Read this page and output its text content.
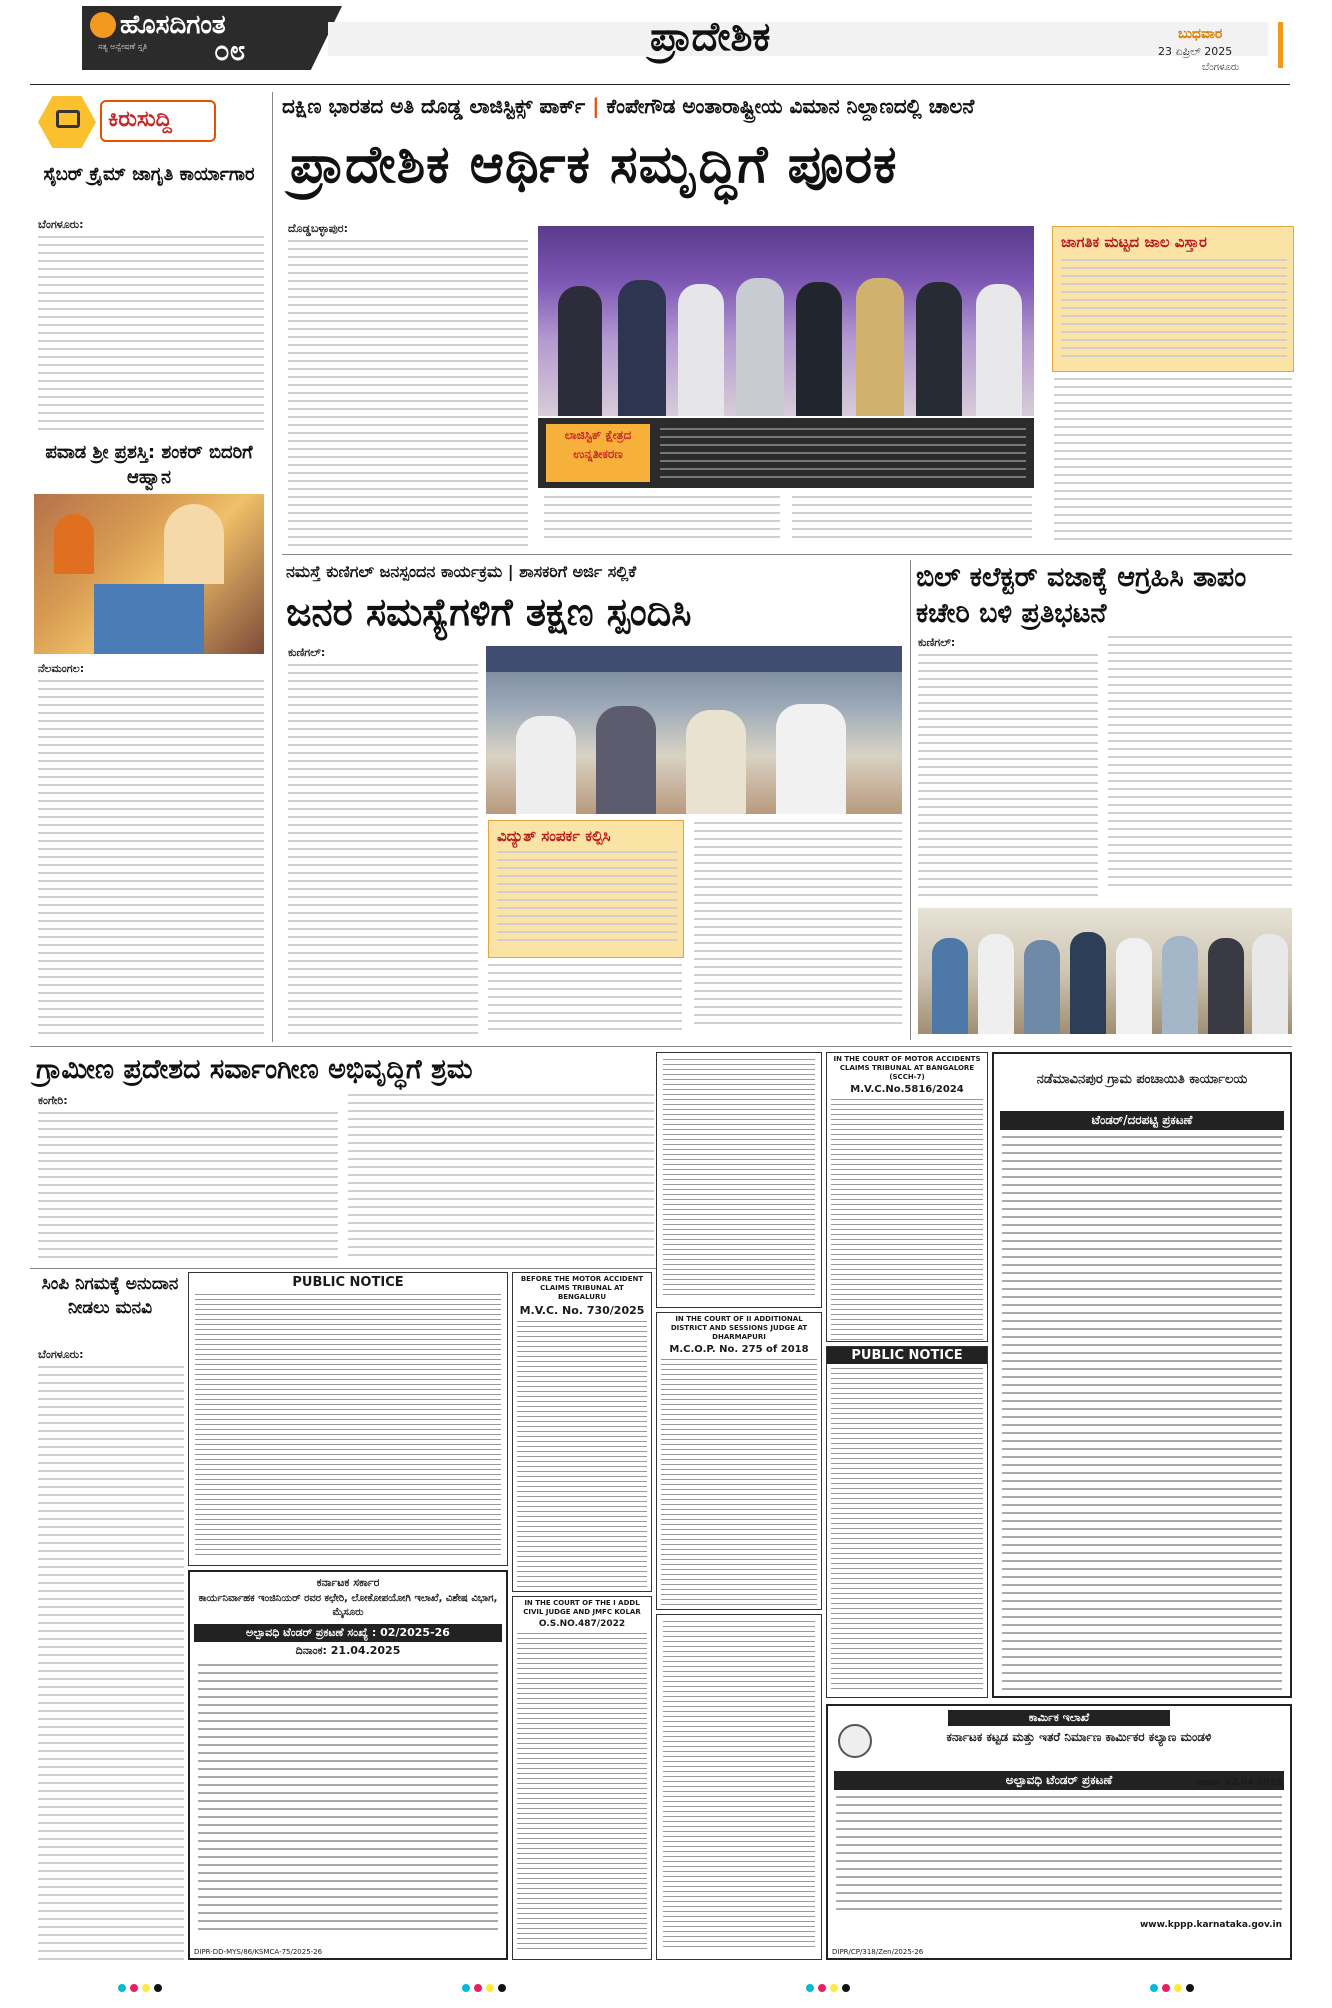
ಹೊಸದಿಗಂತ
ಸತ್ಯ ಅನ್ವೇಷಣೆ ಸ್ತೃತಿ ೦೮	ಪ್ರಾದೇಶಿಕ	ಬುಧವಾರ
23 ಏಪ್ರಿಲ್ 2025
ಬೆಂಗಳೂರು
ಕಿರುಸುದ್ದಿ
ಸೈಬರ್ ಕ್ರೈಮ್ ಜಾಗೃತಿ ಕಾರ್ಯಾಗಾರ
ಬೆಂಗಳೂರು:
ಪವಾಡ ಶ್ರೀ ಪ್ರಶಸ್ತಿ: ಶಂಕರ್ ಬಿದರಿಗೆ ಆಹ್ವಾನ
ನೆಲಮಂಗಲ:
ದಕ್ಷಿಣ ಭಾರತದ ಅತಿ ದೊಡ್ಡ ಲಾಜಿಸ್ಟಿಕ್ಸ್ ಪಾರ್ಕ್ | ಕೆಂಪೇಗೌಡ ಅಂತಾರಾಷ್ಟ್ರೀಯ ವಿಮಾನ ನಿಲ್ದಾಣದಲ್ಲಿ ಚಾಲನೆ
ಪ್ರಾದೇಶಿಕ ಆರ್ಥಿಕ ಸಮೃದ್ಧಿಗೆ ಪೂರಕ
ದೊಡ್ಡಬಳ್ಳಾಪುರ:
ಲಾಜಿಸ್ಟಿಕ್ ಕ್ಷೇತ್ರದ ಉನ್ನತೀಕರಣ
ಜಾಗತಿಕ ಮಟ್ಟದ ಜಾಲ ವಿಸ್ತಾರ
ನಮಸ್ತೆ ಕುಣಿಗಲ್ ಜನಸ್ಪಂದನ ಕಾರ್ಯಕ್ರಮ | ಶಾಸಕರಿಗೆ ಅರ್ಜಿ ಸಲ್ಲಿಕೆ
ಜನರ ಸಮಸ್ಯೆಗಳಿಗೆ ತಕ್ಷಣ ಸ್ಪಂದಿಸಿ
ಕುಣಿಗಲ್:
ವಿದ್ಯುತ್ ಸಂಪರ್ಕ ಕಲ್ಪಿಸಿ
ಬಿಲ್ ಕಲೆಕ್ಟರ್ ವಜಾಕ್ಕೆ ಆಗ್ರಹಿಸಿ ತಾಪಂ ಕಚೇರಿ ಬಳಿ ಪ್ರತಿಭಟನೆ
ಕುಣಿಗಲ್:
ಗ್ರಾಮೀಣ ಪ್ರದೇಶದ ಸರ್ವಾಂಗೀಣ ಅಭಿವೃದ್ಧಿಗೆ ಶ್ರಮ
ಕಂಗೇರಿ:
ಸಿಂಪಿ ನಿಗಮಕ್ಕೆ ಅನುದಾನ ನೀಡಲು ಮನವಿ
ಬೆಂಗಳೂರು:
PUBLIC NOTICE
ಕರ್ನಾಟಕ ಸರ್ಕಾರ
ಕಾರ್ಯನಿರ್ವಾಹಕ ಇಂಜಿನಿಯರ್ ರವರ ಕಛೇರಿ, ಲೋಕೋಪಯೋಗಿ ಇಲಾಖೆ, ವಿಶೇಷ ವಿಭಾಗ, ಮೈಸೂರು
ಅಲ್ಪಾವಧಿ ಟೆಂಡರ್ ಪ್ರಕಟಣೆ ಸಂಖ್ಯೆ : 02/2025-26
ದಿನಾಂಕ: 21.04.2025
DIPR-DD-MYS/86/KSMCA-75/2025-26
BEFORE THE MOTOR ACCIDENT CLAIMS TRIBUNAL AT BENGALURU
M.V.C. No. 730/2025
IN THE COURT OF THE I ADDL CIVIL JUDGE AND JMFC KOLAR
O.S.NO.487/2022
IN THE COURT OF II ADDITIONAL DISTRICT AND SESSIONS JUDGE AT DHARMAPURI
M.C.O.P. No. 275 of 2018
IN THE COURT OF MOTOR ACCIDENTS CLAIMS TRIBUNAL AT BANGALORE (SCCH-7)
M.V.C.No.5816/2024
PUBLIC NOTICE
ನಡೆಮಾವಿನಪುರ ಗ್ರಾಮ ಪಂಚಾಯಿತಿ ಕಾರ್ಯಾಲಯ
ಟೆಂಡರ್/ದರಪಟ್ಟಿ ಪ್ರಕಟಣೆ
ಕಾರ್ಮಿಕ ಇಲಾಖೆ
ಕರ್ನಾಟಕ ಕಟ್ಟಡ ಮತ್ತು ಇತರೆ ನಿರ್ಮಾಣ ಕಾರ್ಮಿಕರ ಕಲ್ಯಾಣ ಮಂಡಳಿ
ದಿನಾಂಕ: 22.04.2025
ಅಲ್ಪಾವಧಿ ಟೆಂಡರ್ ಪ್ರಕಟಣೆ
www.kppp.karnataka.gov.in
DIPR/CP/318/Zen/2025-26
